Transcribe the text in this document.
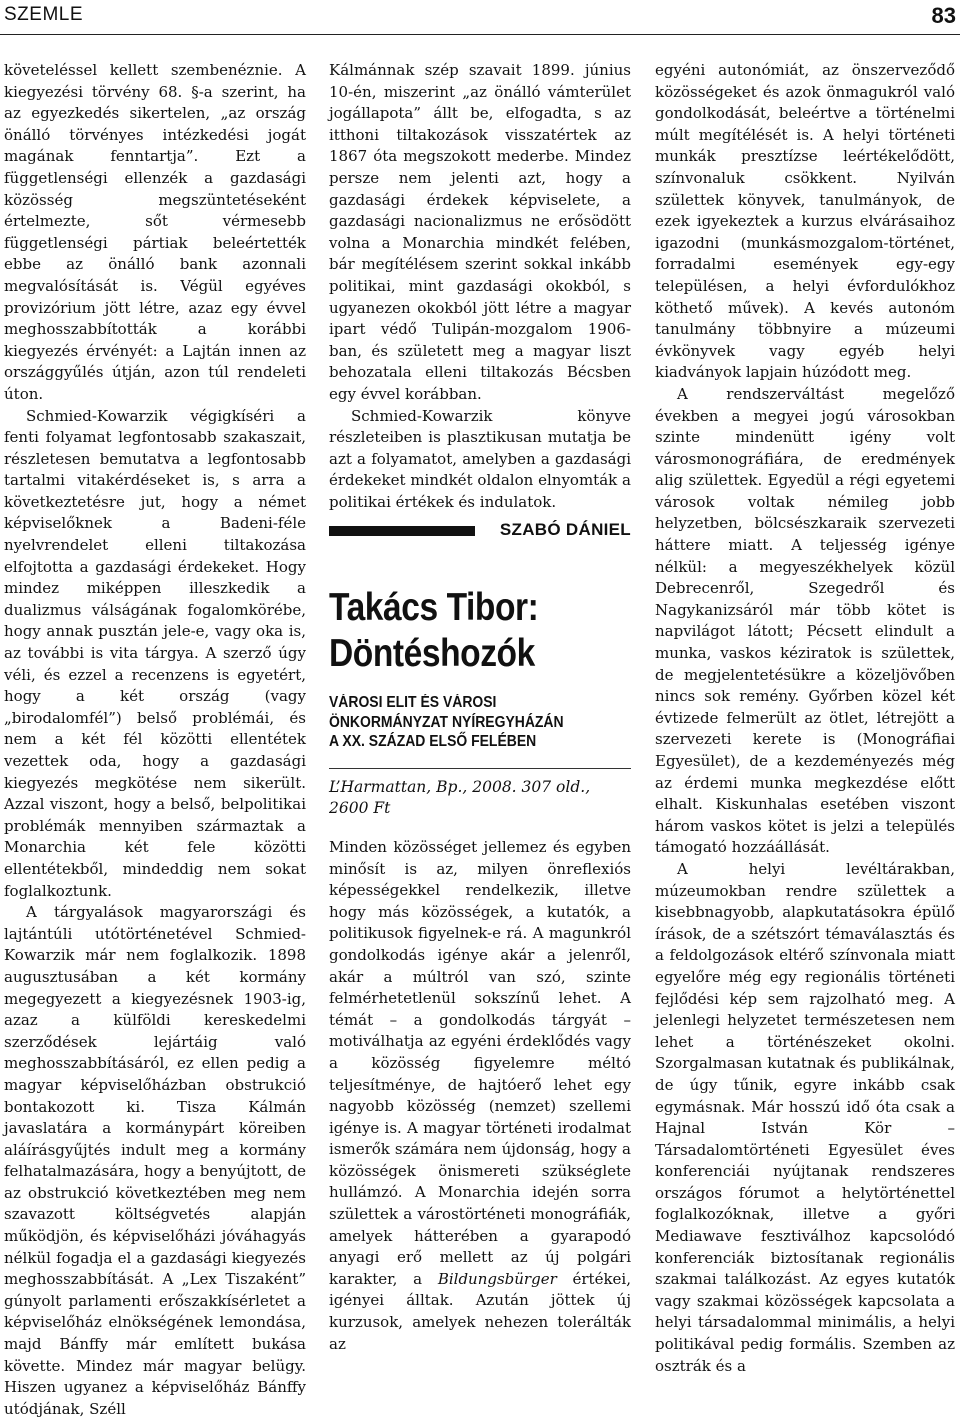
SZEMLE	83

követeléssel kellett szembenéznie. A kiegyezési törvény 68. §-a szerint, ha az egyezkedés sikertelen, „az ország önálló törvényes intézkedési jogát magának fenntartja”. Ezt a függetlenségi ellenzék a gazdasági közösség megszüntetéseként értelmezte, sőt vérmesebb függetlenségi pártiak beleértették ebbe az önálló bank azonnali megvalósítását is. Végül egyéves provizórium jött létre, azaz egy évvel meghosszabbították a korábbi kiegyezés érvényét: a Lajtán innen az országgyűlés útján, azon túl rendeleti úton.

Schmied-Kowarzik végigkíséri a fenti folyamat legfontosabb szakaszait, részletesen bemutatva a legfontosabb tartalmi vitakérdéseket is, s arra a következtetésre jut, hogy a német képviselőknek a Badeni-féle nyelvrendelet elleni tiltakozása elfojtotta a gazdasági érdekeket. Hogy mindez miképpen illeszkedik a dualizmus válságának fogalomkörébe, hogy annak pusztán jele-e, vagy oka is, az további is vita tárgya. A szerző úgy véli, és ezzel a recenzens is egyetért, hogy a két ország (vagy „birodalomfél”) belső problémái, és nem a két fél közötti ellentétek vezettek oda, hogy a gazdasági kiegyezés megkötése nem sikerült. Azzal viszont, hogy a belső, belpolitikai problémák mennyiben származtak a Monarchia két fele közötti ellentétekből, mindeddig nem sokat foglalkoztunk.

A tárgyalások magyarországi és lajtántúli utótörténetével Schmied-Kowarzik már nem foglalkozik. 1898 augusztusában a két kormány megegyezett a kiegyezésnek 1903-ig, azaz a külföldi kereskedelmi szerződések lejártáig való meghosszabbításáról, ez ellen pedig a magyar képviselőházban obstrukció bontakozott ki. Tisza Kálmán javaslatára a kormánypárt köreiben aláírásgyűjtés indult meg a kormány felhatalmazására, hogy a benyújtott, de az obstrukció következtében meg nem szavazott költségvetés alapján működjön, és képviselőházi jóváhagyás nélkül fogadja el a gazdasági kiegyezés meghosszabbítását. A „Lex Tiszaként” gúnyolt parlamenti erőszakkísérletet a képviselőház elnökségének lemondása, majd Bánffy már említett bukása követte. Mindez már magyar belügy. Hiszen ugyanez a képviselőház Bánffy utódjának, Széll

Kálmánnak szép szavait 1899. június 10-én, miszerint „az önálló vámterület jogállapota” állt be, elfogadta, s az itthoni tiltakozások visszatértek az 1867 óta megszokott mederbe. Mindez persze nem jelenti azt, hogy a gazdasági érdekek képviselete, a gazdasági nacionalizmus ne erősödött volna a Monarchia mindkét felében, bár megítélésem szerint sokkal inkább politikai, mint gazdasági okokból, s ugyanezen okokból jött létre a magyar ipart védő Tulipán-mozgalom 1906-ban, és született meg a magyar liszt behozatala elleni tiltakozás Bécsben egy évvel korábban.

Schmied-Kowarzik könyve részleteiben is plasztikusan mutatja be azt a folyamatot, amelyben a gazdasági érdekeket mindkét oldalon elnyomták a politikai értékek és indulatok.

SZABÓ DÁNIEL
Takács Tibor:
Döntéshozók
VÁROSI ELIT ÉS VÁROSI
ÖNKORMÁNYZAT NYÍREGYHÁZÁN
A XX. SZÁZAD ELSŐ FELÉBEN
L’Harmattan, Bp., 2008. 307 old.,
2600 Ft

Minden közösséget jellemez és egyben minősít is az, milyen önreflexiós képességekkel rendelkezik, illetve hogy más közösségek, a kutatók, a politikusok figyelnek-e rá. A magunkról gondolkodás igénye akár a jelenről, akár a múltról van szó, szinte felmérhetetlenül sokszínű lehet. A témát – a gondolkodás tárgyát – motiválhatja az egyéni érdeklődés vagy a közösség figyelemre méltó teljesítménye, de hajtóerő lehet egy nagyobb közösség (nemzet) szellemi igénye is. A magyar történeti irodalmat ismerők számára nem újdonság, hogy a közösségek önismereti szükséglete hullámzó. A Monarchia idején sorra születtek a várostörténeti monográfiák, amelyek hátterében a gyarapodó anyagi erő mellett az új polgári karakter, a Bildungsbürger értékei, igényei álltak. Azután jöttek új kurzusok, amelyek nehezen tolerálták az

egyéni autonómiát, az önszerveződő közösségeket és azok önmagukról való gondolkodását, beleértve a történelmi múlt megítélését is. A helyi történeti munkák presztízse leértékelődött, színvonaluk csökkent. Nyilván születtek könyvek, tanulmányok, de ezek igyekeztek a kurzus elvárásaihoz igazodni (munkásmozgalom-történet, forradalmi események egy-egy településen, a helyi évfordulókhoz köthető művek). A kevés autonóm tanulmány többnyire a múzeumi évkönyvek vagy egyéb helyi kiadványok lapjain húzódott meg.

A rendszerváltást megelőző években a megyei jogú városokban szinte mindenütt igény volt városmonográfiára, de eredmények alig születtek. Egyedül a régi egyetemi városok voltak némileg jobb helyzetben, bölcsészkaraik szervezeti háttere miatt. A teljesség igénye nélkül: a megyeszékhelyek közül Debrecenről, Szegedről és Nagykanizsáról már több kötet is napvilágot látott; Pécsett elindult a munka, vaskos kéziratok is születtek, de megjelentetésükre a közeljövőben nincs sok remény. Győrben közel két évtizede felmerült az ötlet, létrejött a szervezeti kerete is (Monográfiai Egyesület), de a kezdeményezés még az érdemi munka megkezdése előtt elhalt. Kiskunhalas esetében viszont három vaskos kötet is jelzi a település támogató hozzáállását.

A helyi levéltárakban, múzeumokban rendre születtek a kisebbnagyobb, alapkutatásokra épülő írások, de a szétszórt témaválasztás és a feldolgozások eltérő színvonala miatt egyelőre még egy regionális történeti fejlődési kép sem rajzolható meg. A jelenlegi helyzetet természetesen nem lehet a történészeket okolni. Szorgalmasan kutatnak és publikálnak, de úgy tűnik, egyre inkább csak egymásnak. Már hosszú idő óta csak a Hajnal István Kör – Társadalomtörténeti Egyesület éves konferenciái nyújtanak rendszeres országos fórumot a helytörténettel foglalkozóknak, illetve a győri Mediawave fesztiválhoz kapcsolódó konferenciák biztosítanak regionális szakmai találkozást. Az egyes kutatók vagy szakmai közösségek kapcsolata a helyi társadalommal minimális, a helyi politikával pedig formális. Szemben az osztrák és a
